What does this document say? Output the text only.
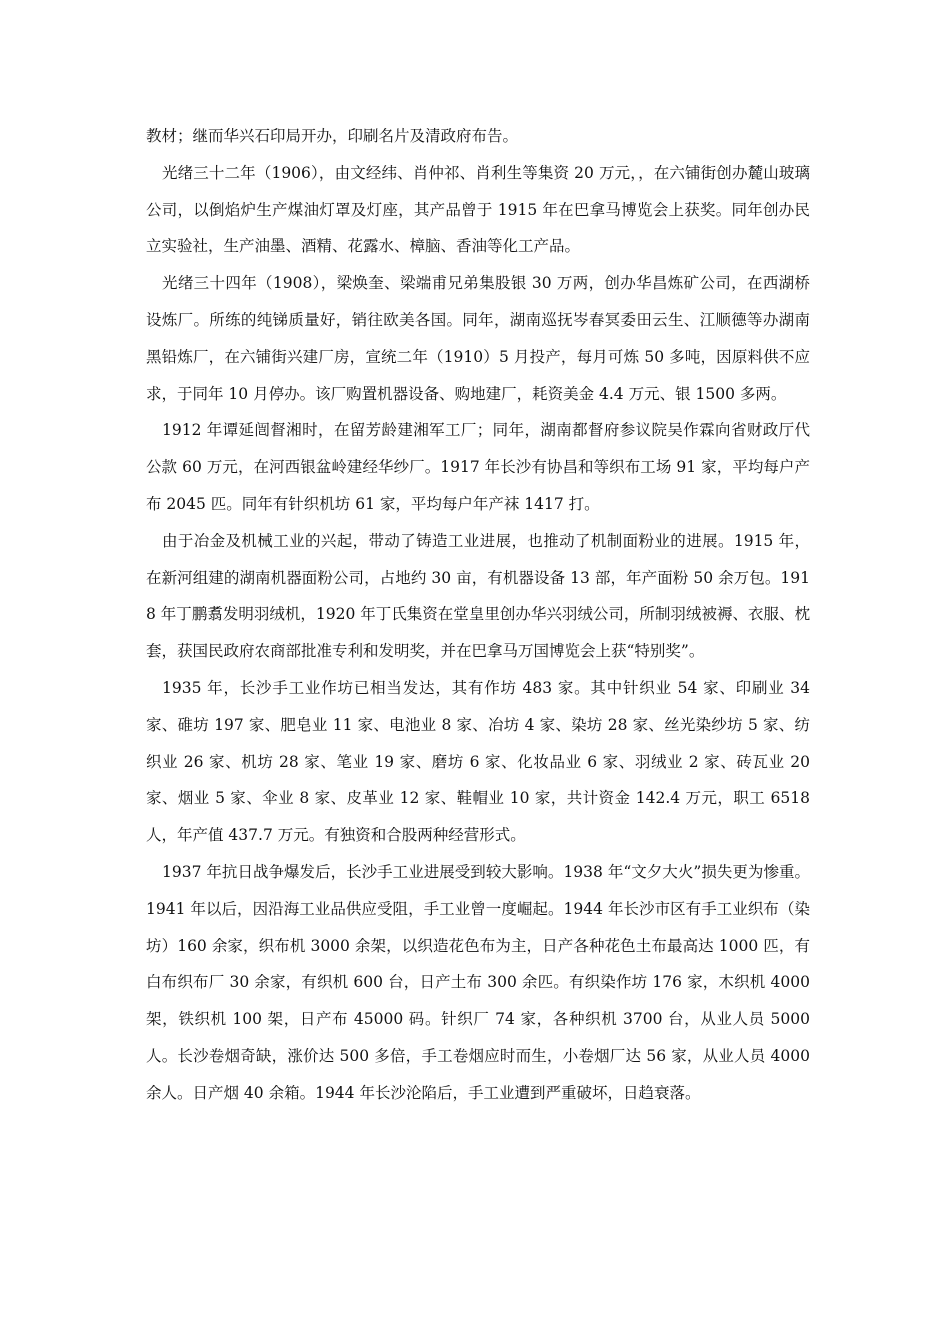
教材；继而华兴石印局开办，印刷名片及清政府布告。

光绪三十二年（1906），由文经纬、肖仲祁、肖利生等集资 20 万元，，在六铺街创办麓山玻璃公司，以倒焰炉生产煤油灯罩及灯座，其产品曾于 1915 年在巴拿马博览会上获奖。同年创办民立实验社，生产油墨、酒精、花露水、樟脑、香油等化工产品。

光绪三十四年（1908），梁焕奎、梁端甫兄弟集股银 30 万两，创办华昌炼矿公司，在西湖桥设炼厂。所练的纯锑质量好，销往欧美各国。同年，湖南巡抚岑春冥委田云生、江顺德等办湖南黑铅炼厂，在六铺街兴建厂房，宣统二年（1910）5 月投产，每月可炼 50 多吨，因原料供不应求，于同年 10 月停办。该厂购置机器设备、购地建厂，耗资美金 4.4 万元、银 1500 多两。

1912 年谭延闿督湘时，在留芳龄建湘军工厂；同年，湖南都督府参议院吴作霖向省财政厅代公款 60 万元，在河西银盆岭建经华纱厂。1917 年长沙有协昌和等织布工场 91 家，平均每户产布 2045 匹。同年有针织机坊 61 家，平均每户年产袜 1417 打。

由于冶金及机械工业的兴起，带动了铸造工业进展，也推动了机制面粉业的进展。1915 年，在新河组建的湖南机器面粉公司，占地约 30 亩，有机器设备 13 部，年产面粉 50 余万包。1918 年丁鹏翥发明羽绒机，1920 年丁氏集资在堂皇里创办华兴羽绒公司，所制羽绒被褥、衣服、枕套，获国民政府农商部批准专利和发明奖，并在巴拿马万国博览会上获“特别奖”。

1935 年，长沙手工业作坊已相当发达，其有作坊 483 家。其中针织业 54 家、印刷业 34 家、碓坊 197 家、肥皂业 11 家、电池业 8 家、冶坊 4 家、染坊 28 家、丝光染纱坊 5 家、纺织业 26 家、机坊 28 家、笔业 19 家、磨坊 6 家、化妆品业 6 家、羽绒业 2 家、砖瓦业 20 家、烟业 5 家、伞业 8 家、皮革业 12 家、鞋帽业 10 家，共计资金 142.4 万元，职工 6518 人，年产值 437.7 万元。有独资和合股两种经营形式。

1937 年抗日战争爆发后，长沙手工业进展受到较大影响。1938 年“文夕大火”损失更为惨重。1941 年以后，因沿海工业品供应受阻，手工业曾一度崛起。1944 年长沙市区有手工业织布（染坊）160 余家，织布机 3000 余架，以织造花色布为主，日产各种花色土布最高达 1000 匹，有白布织布厂 30 余家，有织机 600 台，日产土布 300 余匹。有织染作坊 176 家，木织机 4000 架，铁织机 100 架，日产布 45000 码。针织厂 74 家，各种织机 3700 台，从业人员 5000 人。长沙卷烟奇缺，涨价达 500 多倍，手工卷烟应时而生，小卷烟厂达 56 家，从业人员 4000 余人。日产烟 40 余箱。1944 年长沙沦陷后，手工业遭到严重破坏，日趋衰落。
